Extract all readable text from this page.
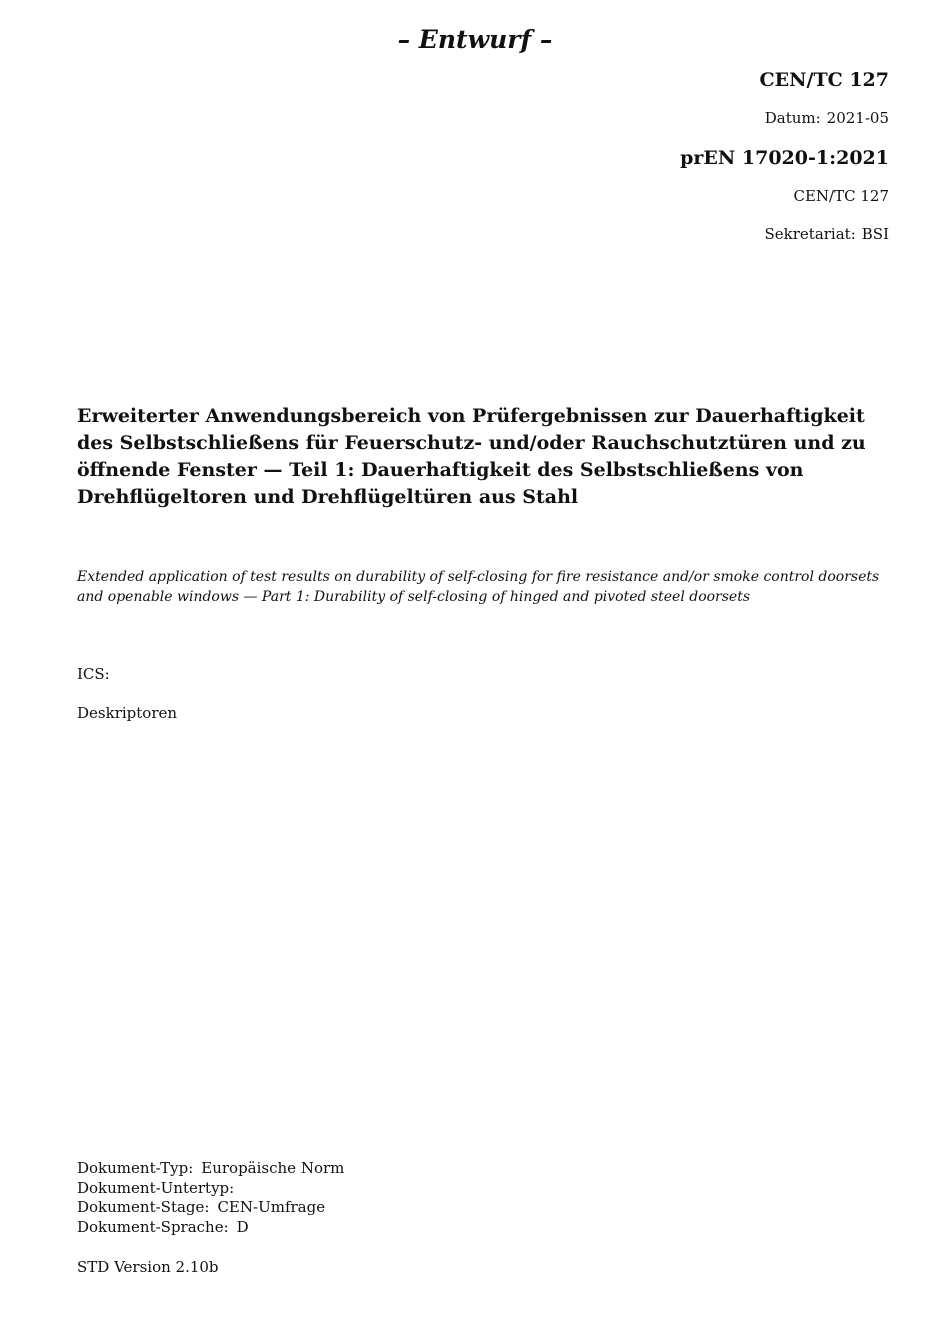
– Entwurf –
CEN/TC 127
Datum: 2021-05
prEN 17020-1:2021
CEN/TC 127
Sekretariat: BSI
Erweiterter Anwendungsbereich von Prüfergebnissen zur Dauerhaftigkeit des Selbstschließens für Feuerschutz- und/oder Rauchschutztüren und zu öffnende Fenster — Teil 1: Dauerhaftigkeit des Selbstschließens von Drehflügeltoren und Drehflügeltüren aus Stahl

Extended application of test results on durability of self-closing for fire resistance and/or smoke control doorsets and openable windows — Part 1: Durability of self-closing of hinged and pivoted steel doorsets

ICS:
Deskriptoren
Dokument-Typ: Europäische Norm
Dokument-Untertyp:
Dokument-Stage: CEN-Umfrage
Dokument-Sprache: D
STD Version 2.10b
